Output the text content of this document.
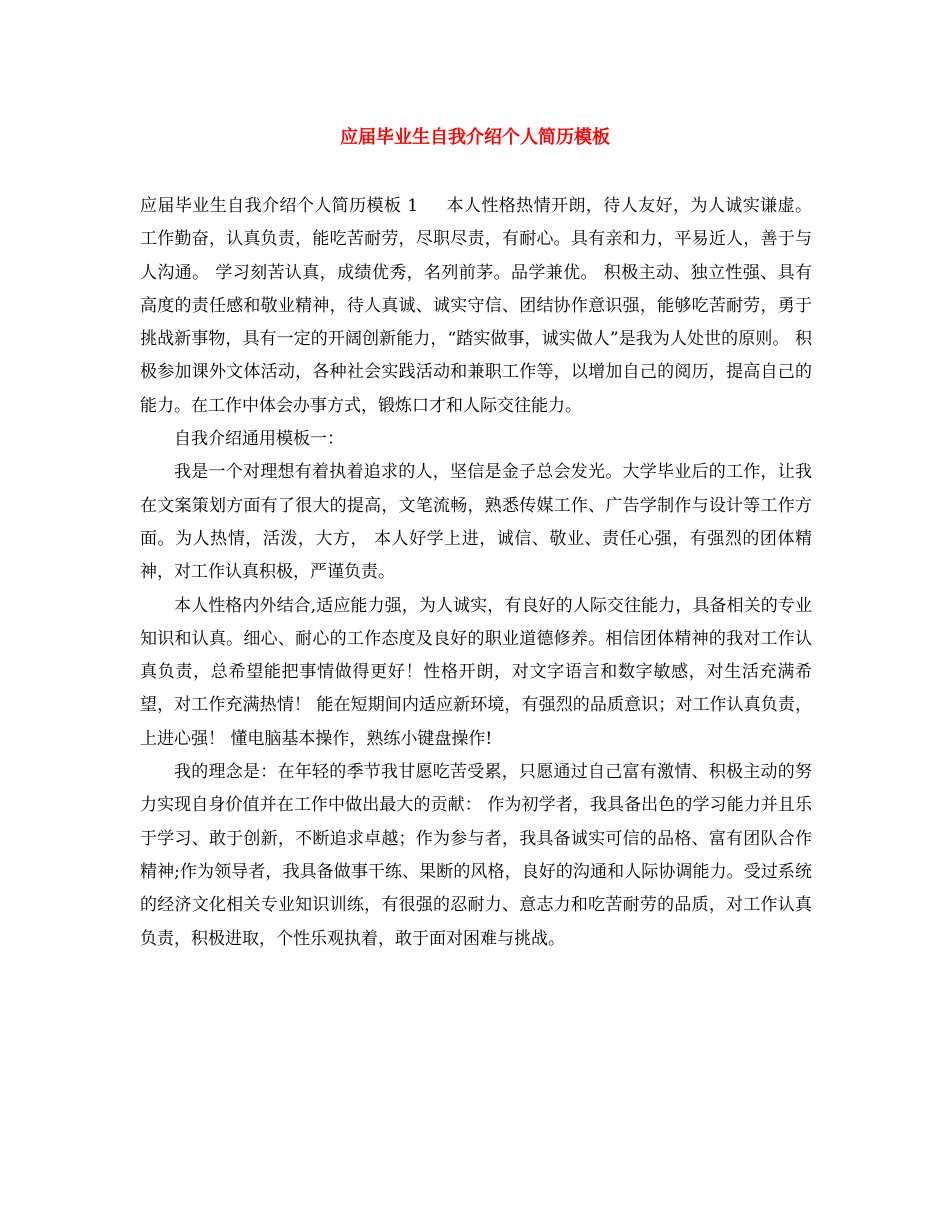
应届毕业生自我介绍个人简历模板

应届毕业生自我介绍个人简历模板 1 本人性格热情开朗，待人友好，为人诚实谦虚。工作勤奋，认真负责，能吃苦耐劳，尽职尽责，有耐心。具有亲和力，平易近人，善于与人沟通。 学习刻苦认真，成绩优秀，名列前茅。品学兼优。 积极主动、独立性强、具有高度的责任感和敬业精神，待人真诚、诚实守信、团结协作意识强，能够吃苦耐劳，勇于挑战新事物，具有一定的开阔创新能力，“踏实做事，诚实做人”是我为人处世的原则。 积极参加课外文体活动，各种社会实践活动和兼职工作等，以增加自己的阅历，提高自己的能力。在工作中体会办事方式，锻炼口才和人际交往能力。

自我介绍通用模板一：

我是一个对理想有着执着追求的人，坚信是金子总会发光。大学毕业后的工作，让我在文案策划方面有了很大的提高，文笔流畅，熟悉传媒工作、广告学制作与设计等工作方面。为人热情，活泼，大方， 本人好学上进，诚信、敬业、责任心强，有强烈的团体精神，对工作认真积极，严谨负责。

本人性格内外结合,适应能力强，为人诚实，有良好的人际交往能力，具备相关的专业知识和认真。细心、耐心的工作态度及良好的职业道德修养。相信团体精神的我对工作认真负责，总希望能把事情做得更好！性格开朗，对文字语言和数字敏感，对生活充满希望，对工作充满热情！ 能在短期间内适应新环境，有强烈的品质意识；对工作认真负责，上进心强！ 懂电脑基本操作，熟练小键盘操作!

我的理念是：在年轻的季节我甘愿吃苦受累，只愿通过自己富有激情、积极主动的努力实现自身价值并在工作中做出最大的贡献： 作为初学者，我具备出色的学习能力并且乐于学习、敢于创新，不断追求卓越；作为参与者，我具备诚实可信的品格、富有团队合作精神;作为领导者，我具备做事干练、果断的风格，良好的沟通和人际协调能力。受过系统的经济文化相关专业知识训练，有很强的忍耐力、意志力和吃苦耐劳的品质，对工作认真负责，积极进取，个性乐观执着，敢于面对困难与挑战。
